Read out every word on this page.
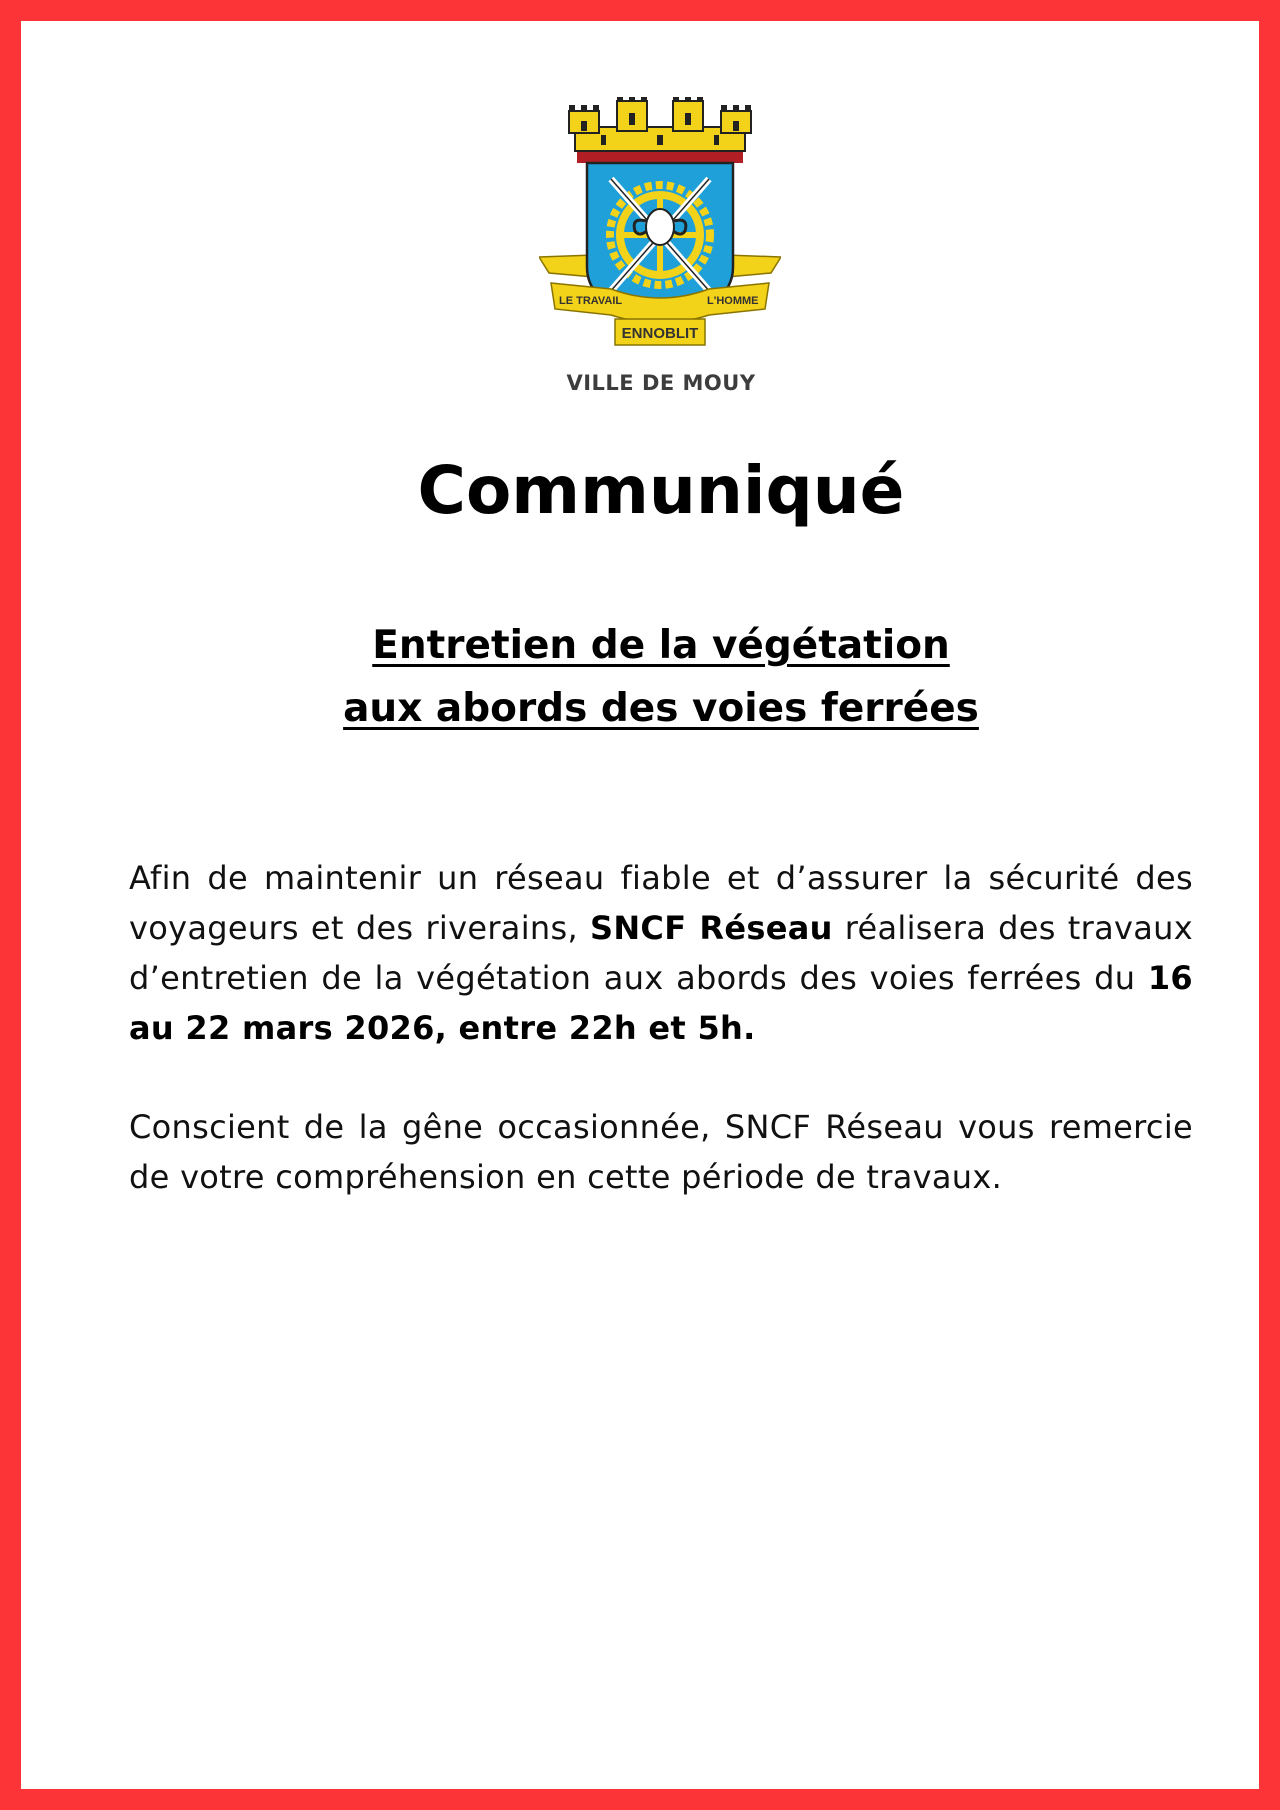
LE TRAVAIL	L'HOMME
ENNOBLIT
VILLE DE MOUY
Communiqué
Entretien de la végétation
aux abords des voies ferrées
Afin de maintenir un réseau fiable et d’assurer la sécurité des voyageurs et des riverains, SNCF Réseau réalisera des travaux d’entretien de la végétation aux abords des voies ferrées du 16 au 22 mars 2026, entre 22h et 5h.
Conscient de la gêne occasionnée, SNCF Réseau vous remercie de votre compréhension en cette période de travaux.
